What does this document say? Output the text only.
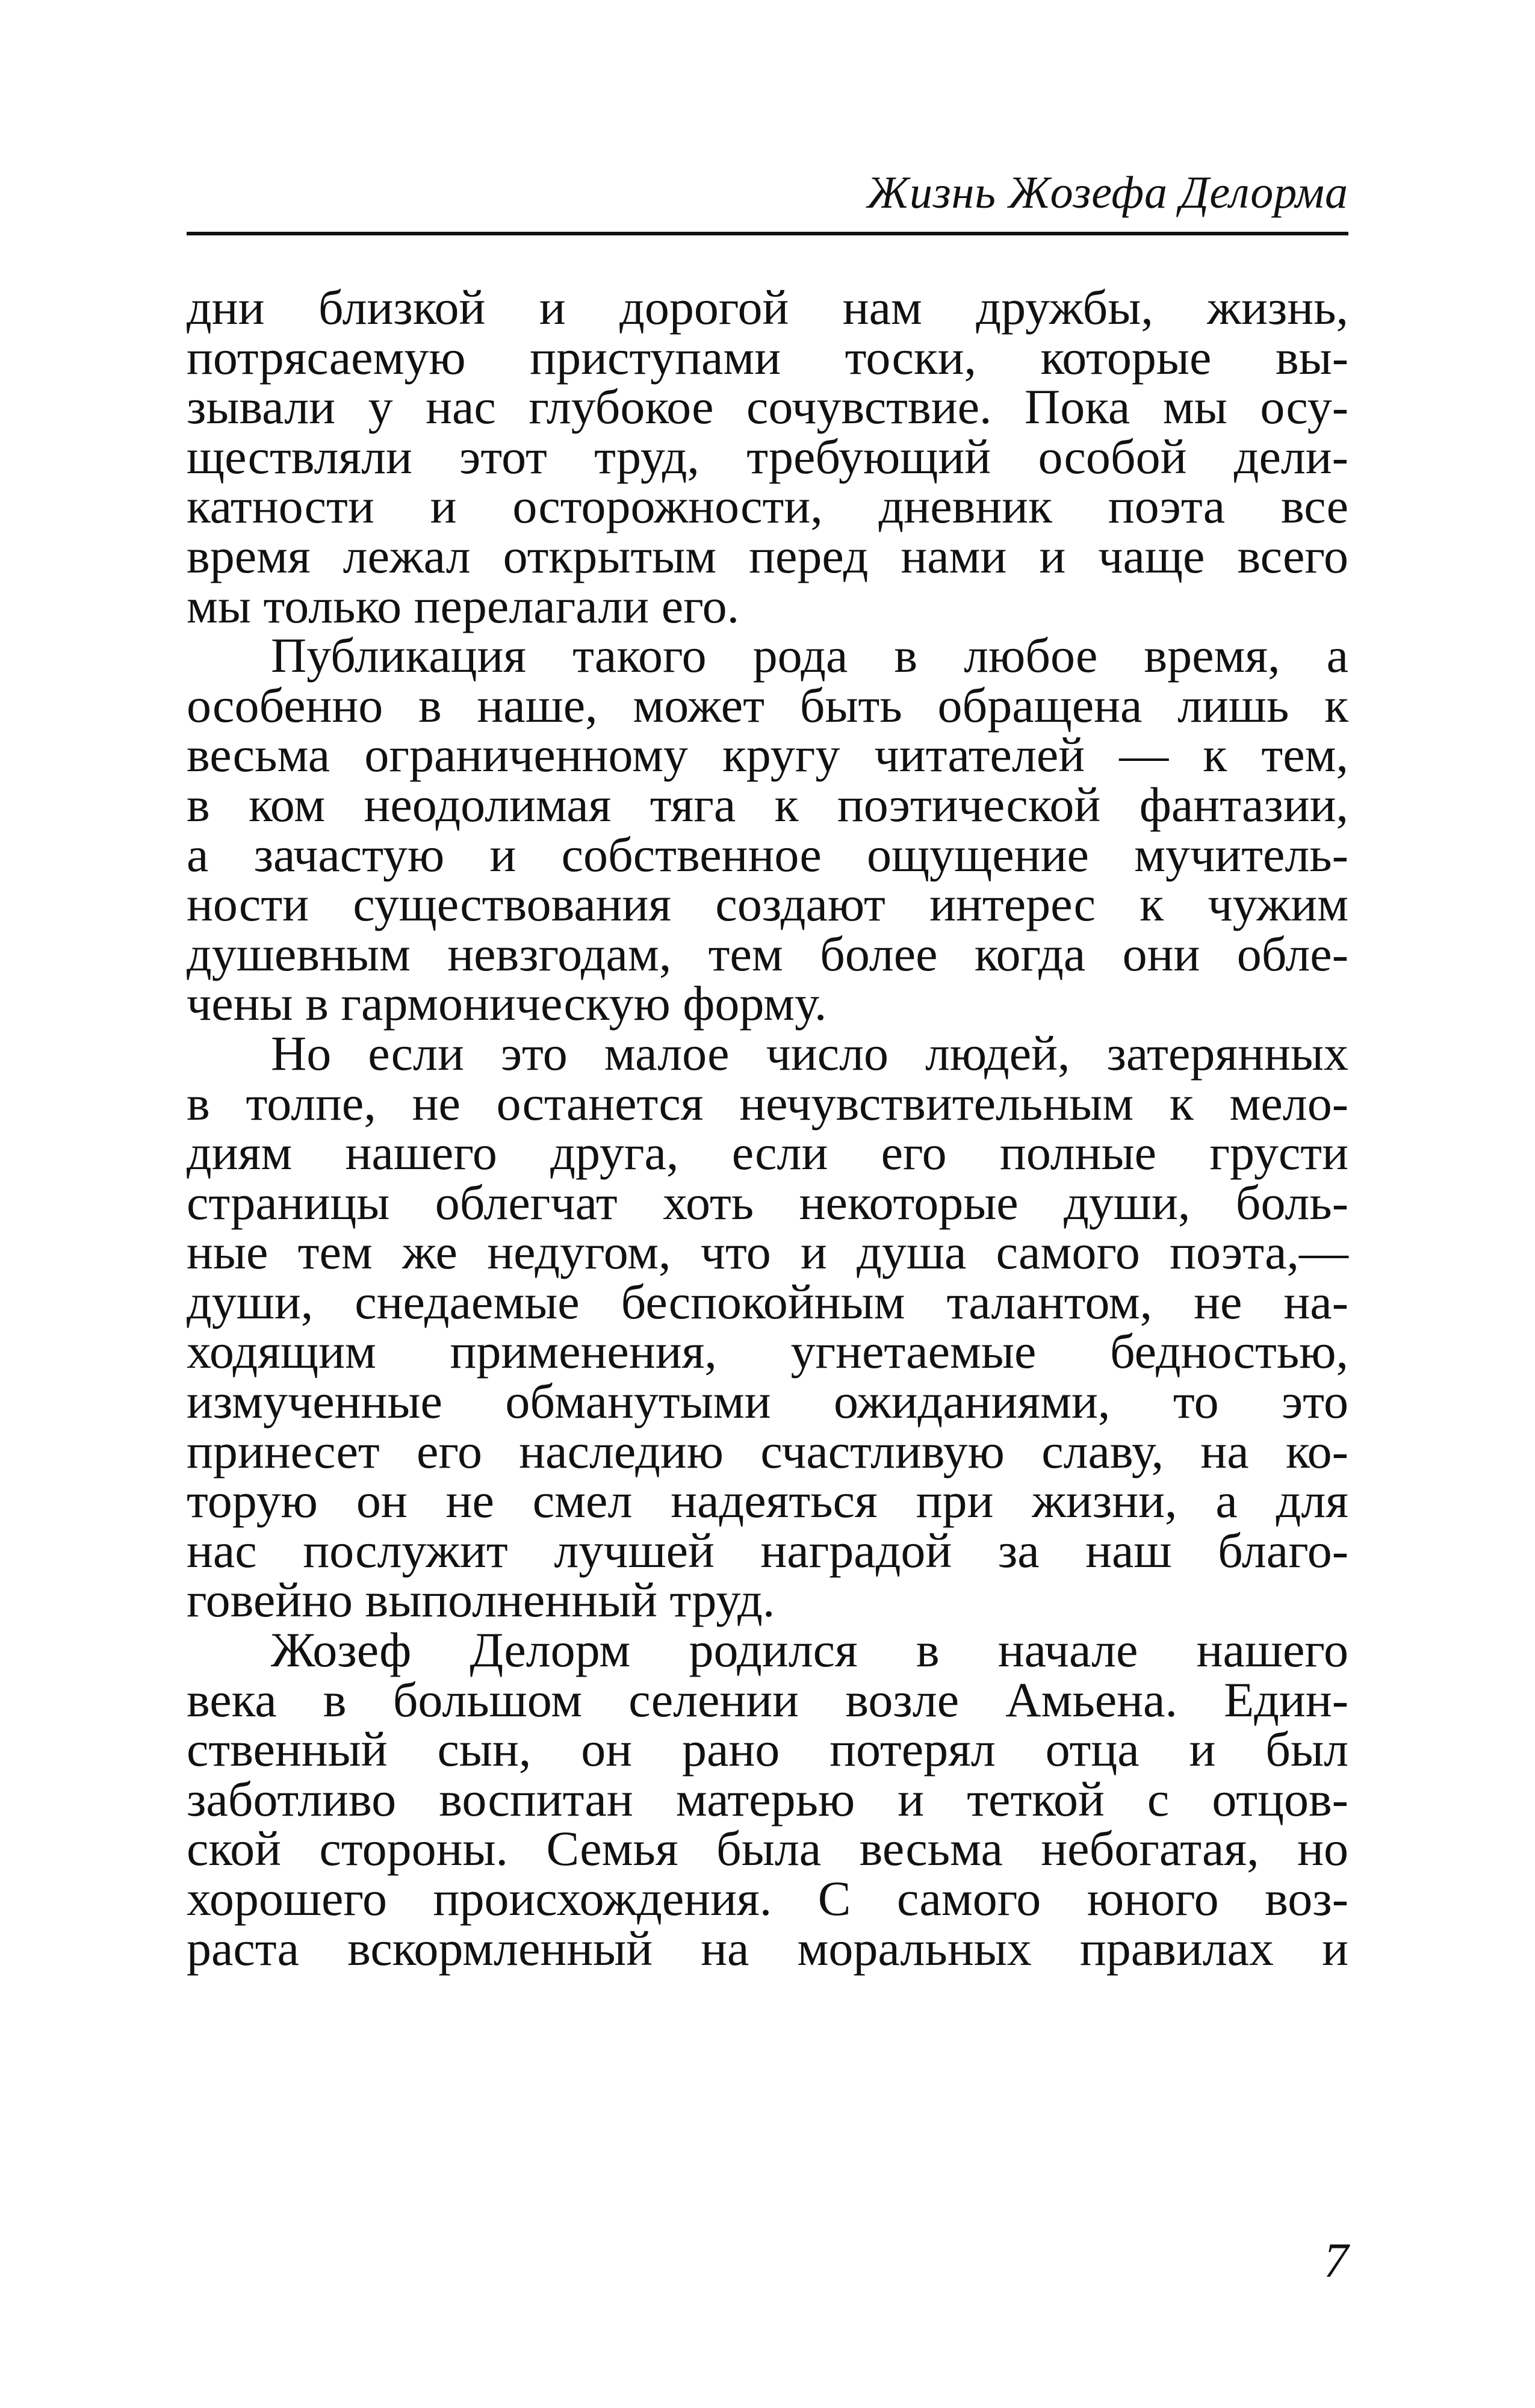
Жизнь Жозефа Делорма

дни близкой и дорогой нам дружбы, жизнь,
потрясаемую приступами тоски, которые вы-
зывали у нас глубокое сочувствие. Пока мы осу-
ществляли этот труд, требующий особой дели-
катности и осторожности, дневник поэта все
время лежал открытым перед нами и чаще всего
мы только перелагали его.

Публикация такого рода в любое время, а
особенно в наше, может быть обращена лишь к
весьма ограниченному кругу читателей — к тем,
в ком неодолимая тяга к поэтической фантазии,
а зачастую и собственное ощущение мучитель-
ности существования создают интерес к чужим
душевным невзгодам, тем более когда они обле-
чены в гармоническую форму.

Но если это малое число людей, затерянных
в толпе, не останется нечувствительным к мело-
диям нашего друга, если его полные грусти
страницы облегчат хоть некоторые души, боль-
ные тем же недугом, что и душа самого поэта,—
души, снедаемые беспокойным талантом, не на-
ходящим применения, угнетаемые бедностью,
измученные обманутыми ожиданиями, то это
принесет его наследию счастливую славу, на ко-
торую он не смел надеяться при жизни, а для
нас послужит лучшей наградой за наш благо-
говейно выполненный труд.

Жозеф Делорм родился в начале нашего
века в большом селении возле Амьена. Един-
ственный сын, он рано потерял отца и был
заботливо воспитан матерью и теткой с отцов-
ской стороны. Семья была весьма небогатая, но
хорошего происхождения. С самого юного воз-
раста вскормленный на моральных правилах и

7
